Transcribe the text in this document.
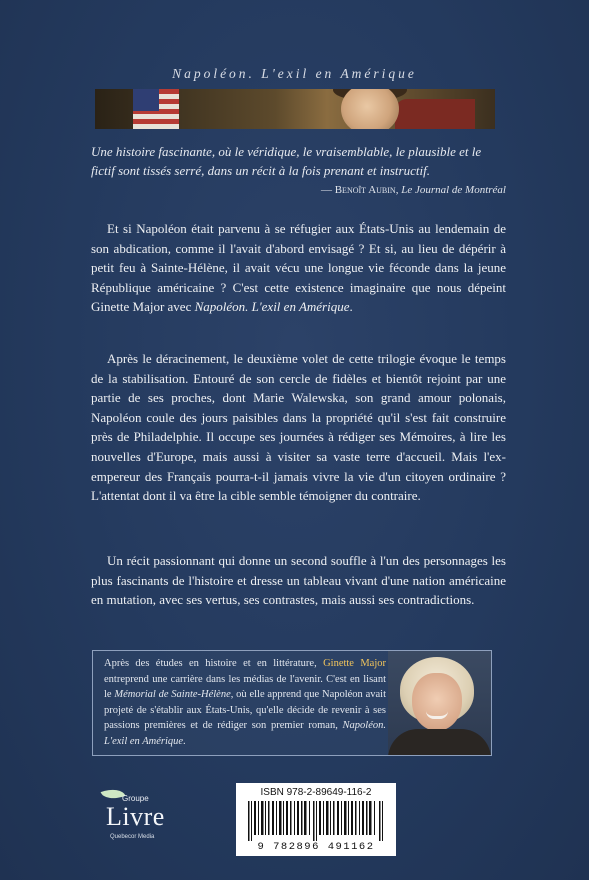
Napoléon. L'exil en Amérique
Une histoire fascinante, où le véridique, le vraisemblable, le plausible et le fictif sont tissés serré, dans un récit à la fois prenant et instructif.
— Benoît Aubin, Le Journal de Montréal

Et si Napoléon était parvenu à se réfugier aux États-Unis au lendemain de son abdication, comme il l'avait d'abord envisagé ? Et si, au lieu de dépérir à petit feu à Sainte-Hélène, il avait vécu une longue vie féconde dans la jeune République américaine ? C'est cette existence imaginaire que nous dépeint Ginette Major avec Napoléon. L'exil en Amérique.

Après le déracinement, le deuxième volet de cette trilogie évoque le temps de la stabilisation. Entouré de son cercle de fidèles et bientôt rejoint par une partie de ses proches, dont Marie Walewska, son grand amour polonais, Napoléon coule des jours paisibles dans la propriété qu'il s'est fait construire près de Philadelphie. Il occupe ses journées à rédiger ses Mémoires, à lire les nouvelles d'Europe, mais aussi à visiter sa vaste terre d'accueil. Mais l'ex-empereur des Français pourra-t-il jamais vivre la vie d'un citoyen ordinaire ? L'attentat dont il va être la cible semble témoigner du contraire.

Un récit passionnant qui donne un second souffle à l'un des personnages les plus fascinants de l'histoire et dresse un tableau vivant d'une nation américaine en mutation, avec ses vertus, ses contrastes, mais aussi ses contradictions.

Après des études en histoire et en littérature, Ginette Major entreprend une carrière dans les médias de l'avenir. C'est en lisant le Mémorial de Sainte-Hélène, où elle apprend que Napoléon avait projeté de s'établir aux États-Unis, qu'elle décide de revenir à ses passions premières et de rédiger son premier roman, Napoléon. L'exil en Amérique.

Groupe
Livre
Quebecor Media
ISBN 978-2-89649-116-2
9 782896 491162
